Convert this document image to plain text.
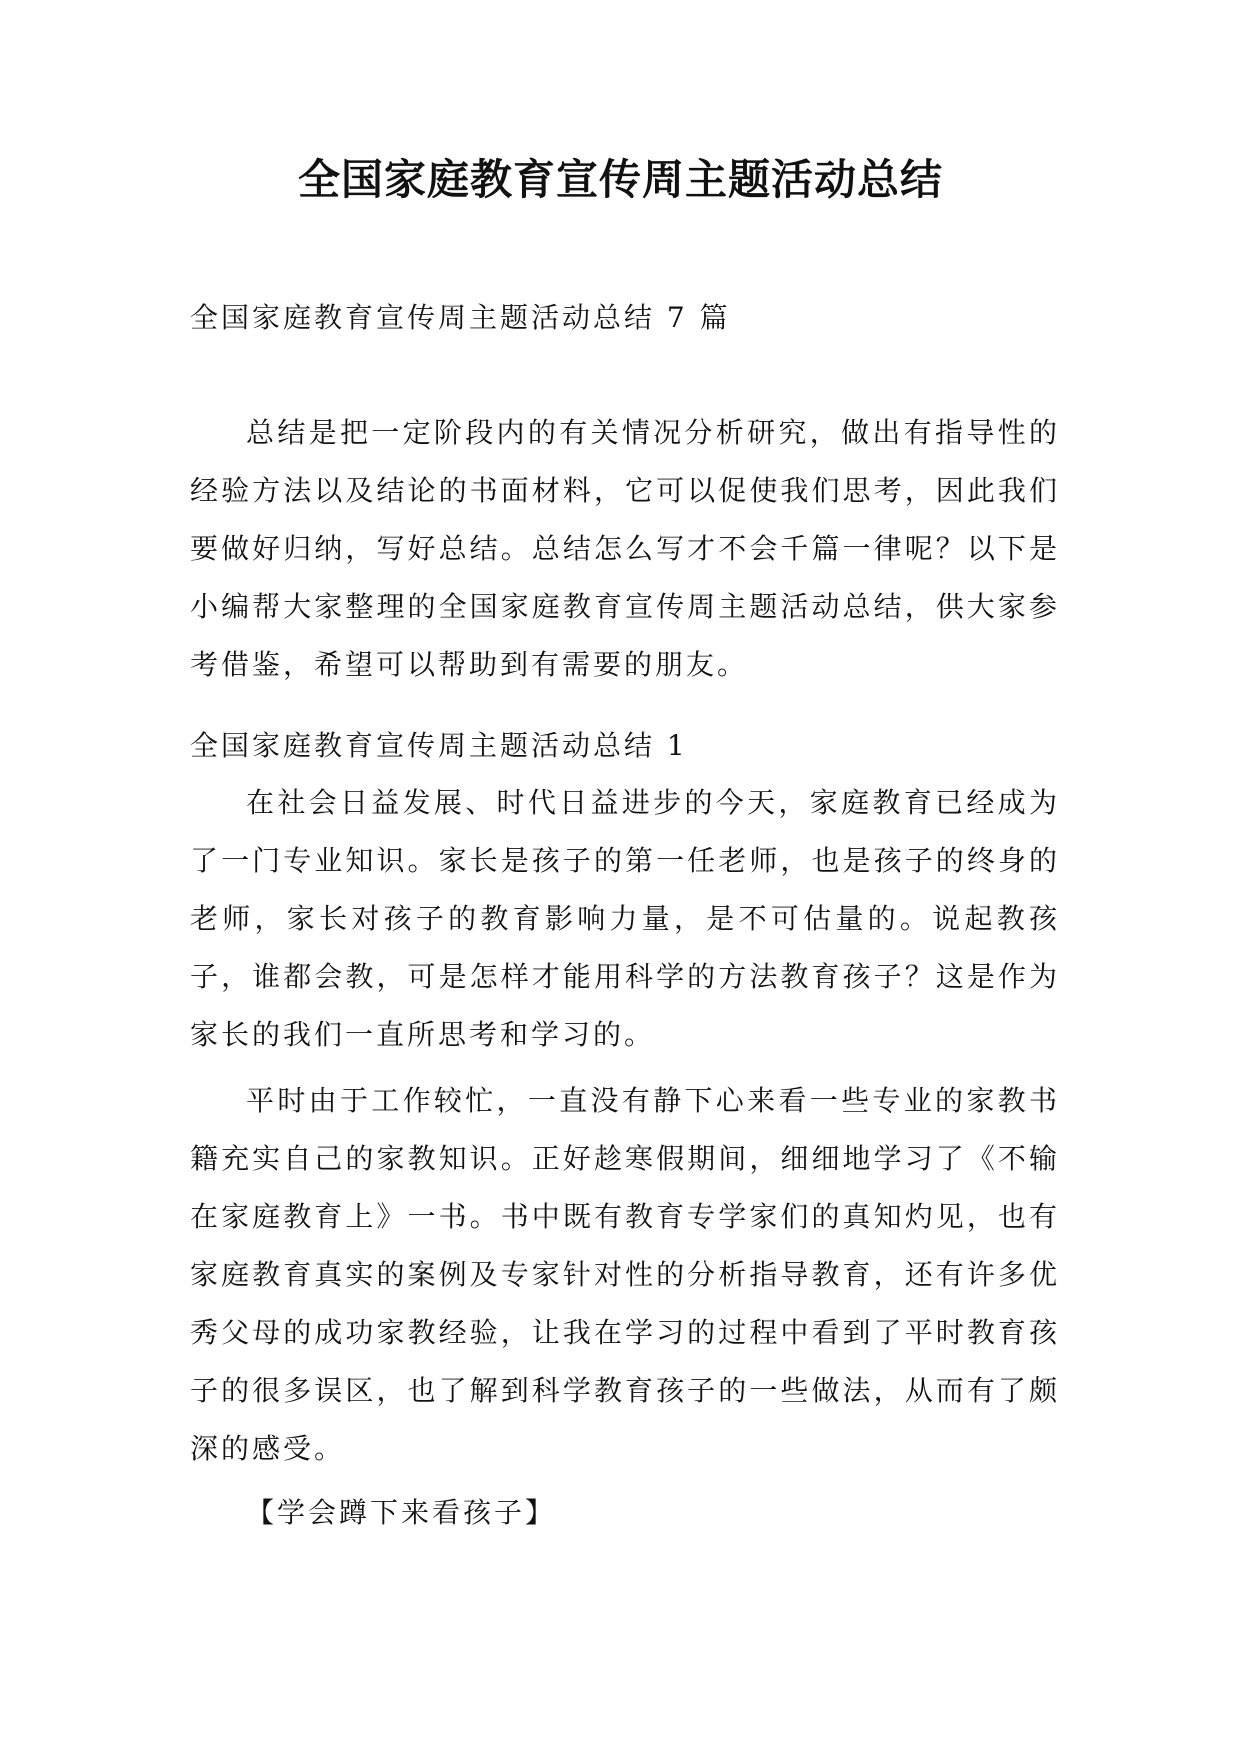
全国家庭教育宣传周主题活动总结

全国家庭教育宣传周主题活动总结 7 篇

总结是把一定阶段内的有关情况分析研究，做出有指导性的经验方法以及结论的书面材料，它可以促使我们思考，因此我们要做好归纳，写好总结。总结怎么写才不会千篇一律呢？以下是小编帮大家整理的全国家庭教育宣传周主题活动总结，供大家参考借鉴，希望可以帮助到有需要的朋友。

全国家庭教育宣传周主题活动总结 1

在社会日益发展、时代日益进步的今天，家庭教育已经成为了一门专业知识。家长是孩子的第一任老师，也是孩子的终身的老师，家长对孩子的教育影响力量，是不可估量的。说起教孩子，谁都会教，可是怎样才能用科学的方法教育孩子？这是作为家长的我们一直所思考和学习的。

平时由于工作较忙，一直没有静下心来看一些专业的家教书籍充实自己的家教知识。正好趁寒假期间，细细地学习了《不输在家庭教育上》一书。书中既有教育专学家们的真知灼见，也有家庭教育真实的案例及专家针对性的分析指导教育，还有许多优秀父母的成功家教经验，让我在学习的过程中看到了平时教育孩子的很多误区，也了解到科学教育孩子的一些做法，从而有了颇深的感受。

【学会蹲下来看孩子】
